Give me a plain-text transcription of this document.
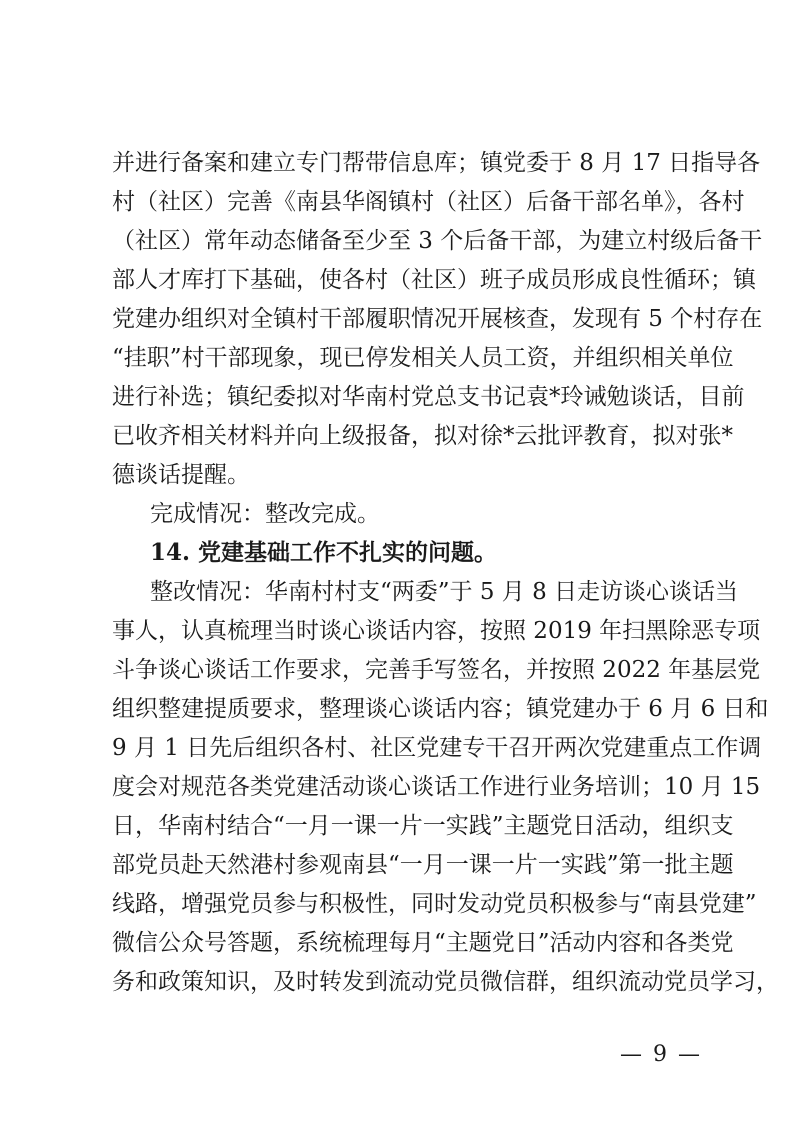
并进行备案和建立专门帮带信息库；镇党委于 8 月 17 日指导各
村（社区）完善《南县华阁镇村（社区）后备干部名单》，各村
（社区）常年动态储备至少至 3 个后备干部，为建立村级后备干
部人才库打下基础，使各村（社区）班子成员形成良性循环；镇
党建办组织对全镇村干部履职情况开展核查，发现有 5 个村存在
“挂职”村干部现象，现已停发相关人员工资，并组织相关单位
进行补选；镇纪委拟对华南村党总支书记袁*玲诫勉谈话，目前
已收齐相关材料并向上级报备，拟对徐*云批评教育，拟对张*
德谈话提醒。
完成情况：整改完成。
14. 党建基础工作不扎实的问题。
整改情况：华南村村支“两委”于 5 月 8 日走访谈心谈话当
事人，认真梳理当时谈心谈话内容，按照 2019 年扫黑除恶专项
斗争谈心谈话工作要求，完善手写签名，并按照 2022 年基层党
组织整建提质要求，整理谈心谈话内容；镇党建办于 6 月 6 日和
9 月 1 日先后组织各村、社区党建专干召开两次党建重点工作调
度会对规范各类党建活动谈心谈话工作进行业务培训；10 月 15
日，华南村结合“一月一课一片一实践”主题党日活动，组织支
部党员赴天然港村参观南县“一月一课一片一实践”第一批主题
线路，增强党员参与积极性，同时发动党员积极参与“南县党建”
微信公众号答题，系统梳理每月“主题党日”活动内容和各类党
务和政策知识，及时转发到流动党员微信群，组织流动党员学习，
— 9 —
